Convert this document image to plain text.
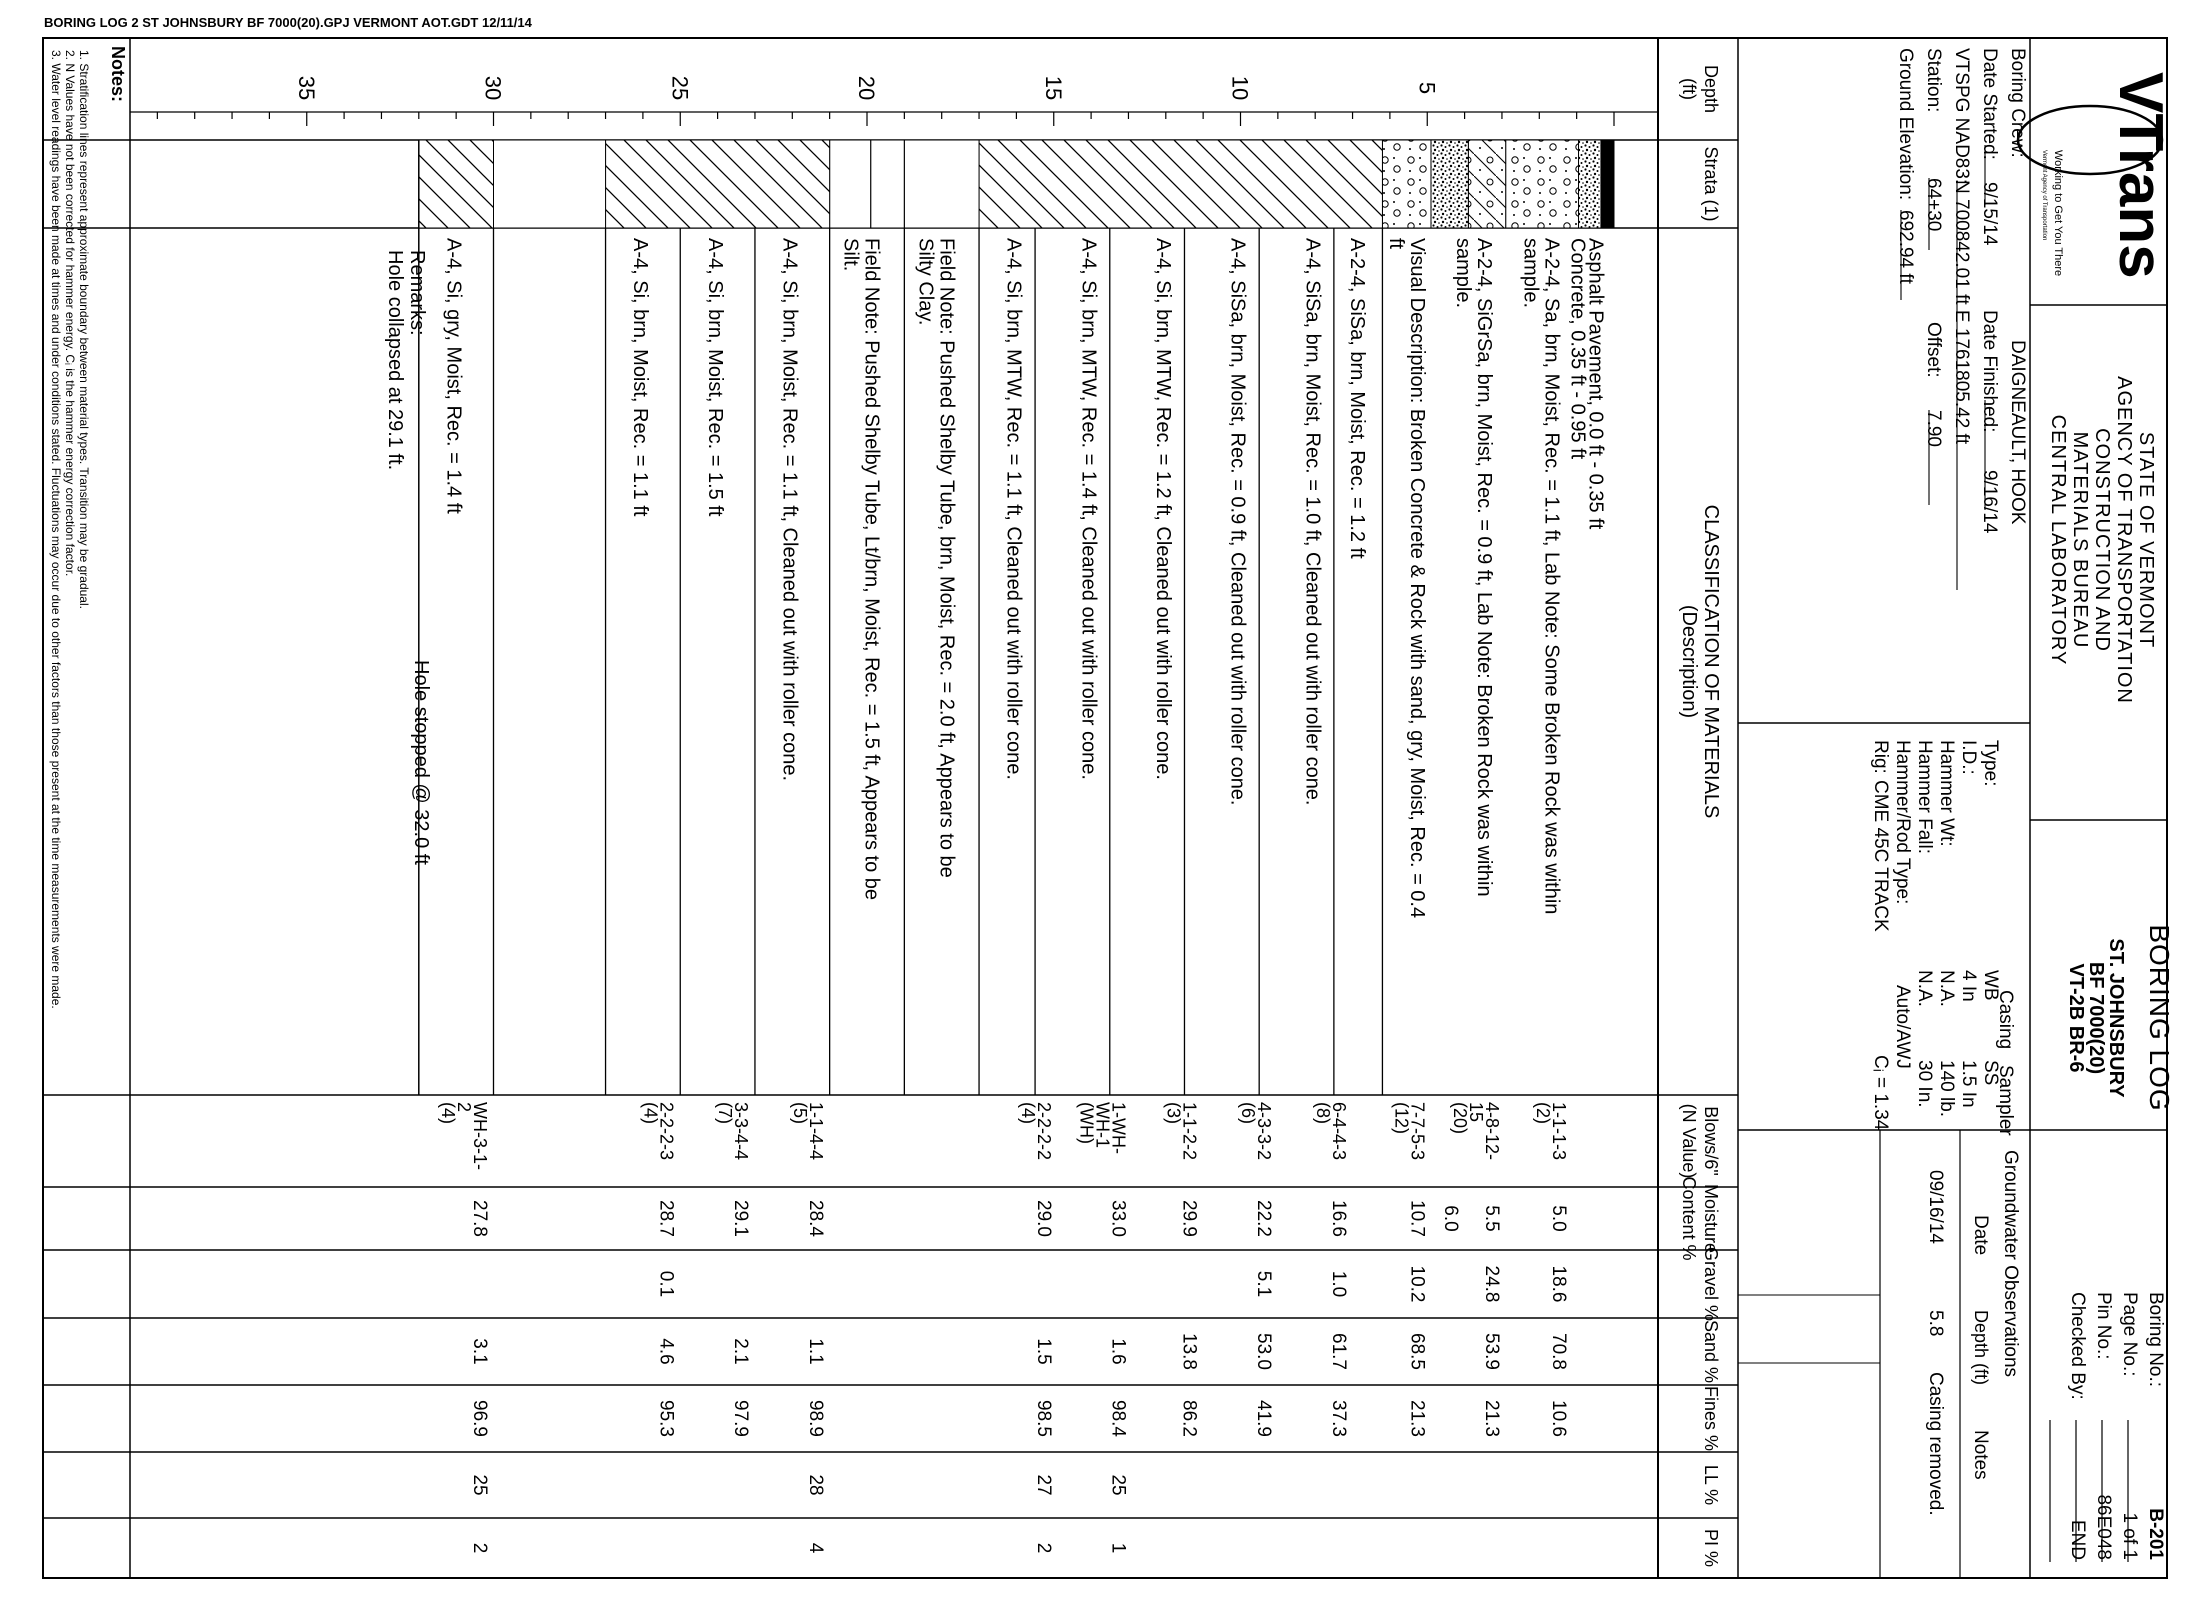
VTrans
Working to Get You There
Vermont Agency of Transportation
STATE OF VERMONT
AGENCY OF TRANSPORTATION
CONSTRUCTION AND
MATERIALS BUREAU
CENTRAL LABORATORY
BORING LOG
ST. JOHNSBURY
BF 7000(20)
VT-2B BR-6
Boring No.:
B-201
Page No.:
1 of 1
Pin No.:
86E048
Checked By:
END
Boring Crew:
DAIGNEAULT, HOOK
Date Started:
9/15/14
Date Finished:
9/16/14
VTSPG NAD83:
N 700842.01 ft E 1761805.42 ft
Station:
64+30
Offset:
7.90
Ground Elevation:
692.94 ft
Casing
Sampler
Type:
WB
SS
I.D.:
4 In
1.5 In
Hammer Wt:
N.A.
140 lb.
Hammer Fall:
N.A.
30 In.
Hammer/Rod Type:
Auto/AWJ
Rig:
CME 45C TRACK
Cᵢ = 1.34
Groundwater Observations
Date
Depth (ft)
Notes
09/16/14
5.8
Casing removed.
Depth
(ft)
Strata (1)
CLASSIFICATION OF MATERIALS
(Description)
Blows/6"
(N Value)
Moisture
Content %
Gravel %
Sand %
Fines %
LL %
PI %
5
10
15
20
25
30
35
Asphalt Pavement, 0.0 ft - 0.35 ft
Concrete, 0.35 ft - 0.95 ft
A-2-4, Sa, brn, Moist, Rec. = 1.1 ft, Lab Note: Some Broken Rock was within
sample.
A-2-4, SiGrSa, brn, Moist, Rec. = 0.9 ft, Lab Note: Broken Rock was within
sample.
Visual Description: Broken Concrete & Rock with sand, gry, Moist, Rec. = 0.4
ft
A-2-4, SiSa, brn, Moist, Rec. = 1.2 ft
A-4, SiSa, brn, Moist, Rec. = 1.0 ft, Cleaned out with roller cone.
A-4, SiSa, brn, Moist, Rec. = 0.9 ft, Cleaned out with roller cone.
A-4, Si, brn, MTW, Rec. = 1.2 ft, Cleaned out with roller cone.
A-4, Si, brn, MTW, Rec. = 1.4 ft, Cleaned out with roller cone.
A-4, Si, brn, MTW, Rec. = 1.1 ft, Cleaned out with roller cone.
Field Note: Pushed Shelby Tube, brn, Moist, Rec. = 2.0 ft, Appears to be
Silty Clay.
Field Note: Pushed Shelby Tube, Lt/brn, Moist, Rec. = 1.5 ft, Appears to be
Silt.
A-4, Si, brn, Moist, Rec. = 1.1 ft, Cleaned out with roller cone.
A-4, Si, brn, Moist, Rec. = 1.5 ft
A-4, Si, brn, Moist, Rec. = 1.1 ft
A-4, Si, gry, Moist, Rec. = 1.4 ft
Hole stopped @ 32.0 ft
Remarks:
Hole collapsed at 29.1 ft.
1-1-1-3
(2)
5.0
18.6
70.8
10.6
4-8-12-
15
(20)
5.5
24.8
53.9
21.3
6.0
7-7-5-3
(12)
10.7
10.2
68.5
21.3
6-4-4-3
(8)
16.6
1.0
61.7
37.3
4-3-3-2
(6)
22.2
5.1
53.0
41.9
1-1-2-2
(3)
29.9
13.8
86.2
1-WH-
WH-1
(WH)
33.0
1.6
98.4
25
1
2-2-2-2
(4)
29.0
1.5
98.5
27
2
1-1-4-4
(5)
28.4
1.1
98.9
28
4
3-3-4-4
(7)
29.1
2.1
97.9
2-2-2-3
(4)
28.7
0.1
4.6
95.3
WH-3-1-
2
(4)
27.8
3.1
96.9
25
2
Notes:
1. Stratification lines represent approximate boundary between material types. Transition may be gradual.
2. N Values have not been corrected for hammer energy. Cᵢ is the hammer energy correction factor.
3. Water level readings have been made at times and under conditions stated. Fluctuations may occur due to other factors than those present at the time measurements were made.
BORING LOG 2 ST JOHNSBURY BF 7000(20).GPJ VERMONT AOT.GDT 12/11/14
